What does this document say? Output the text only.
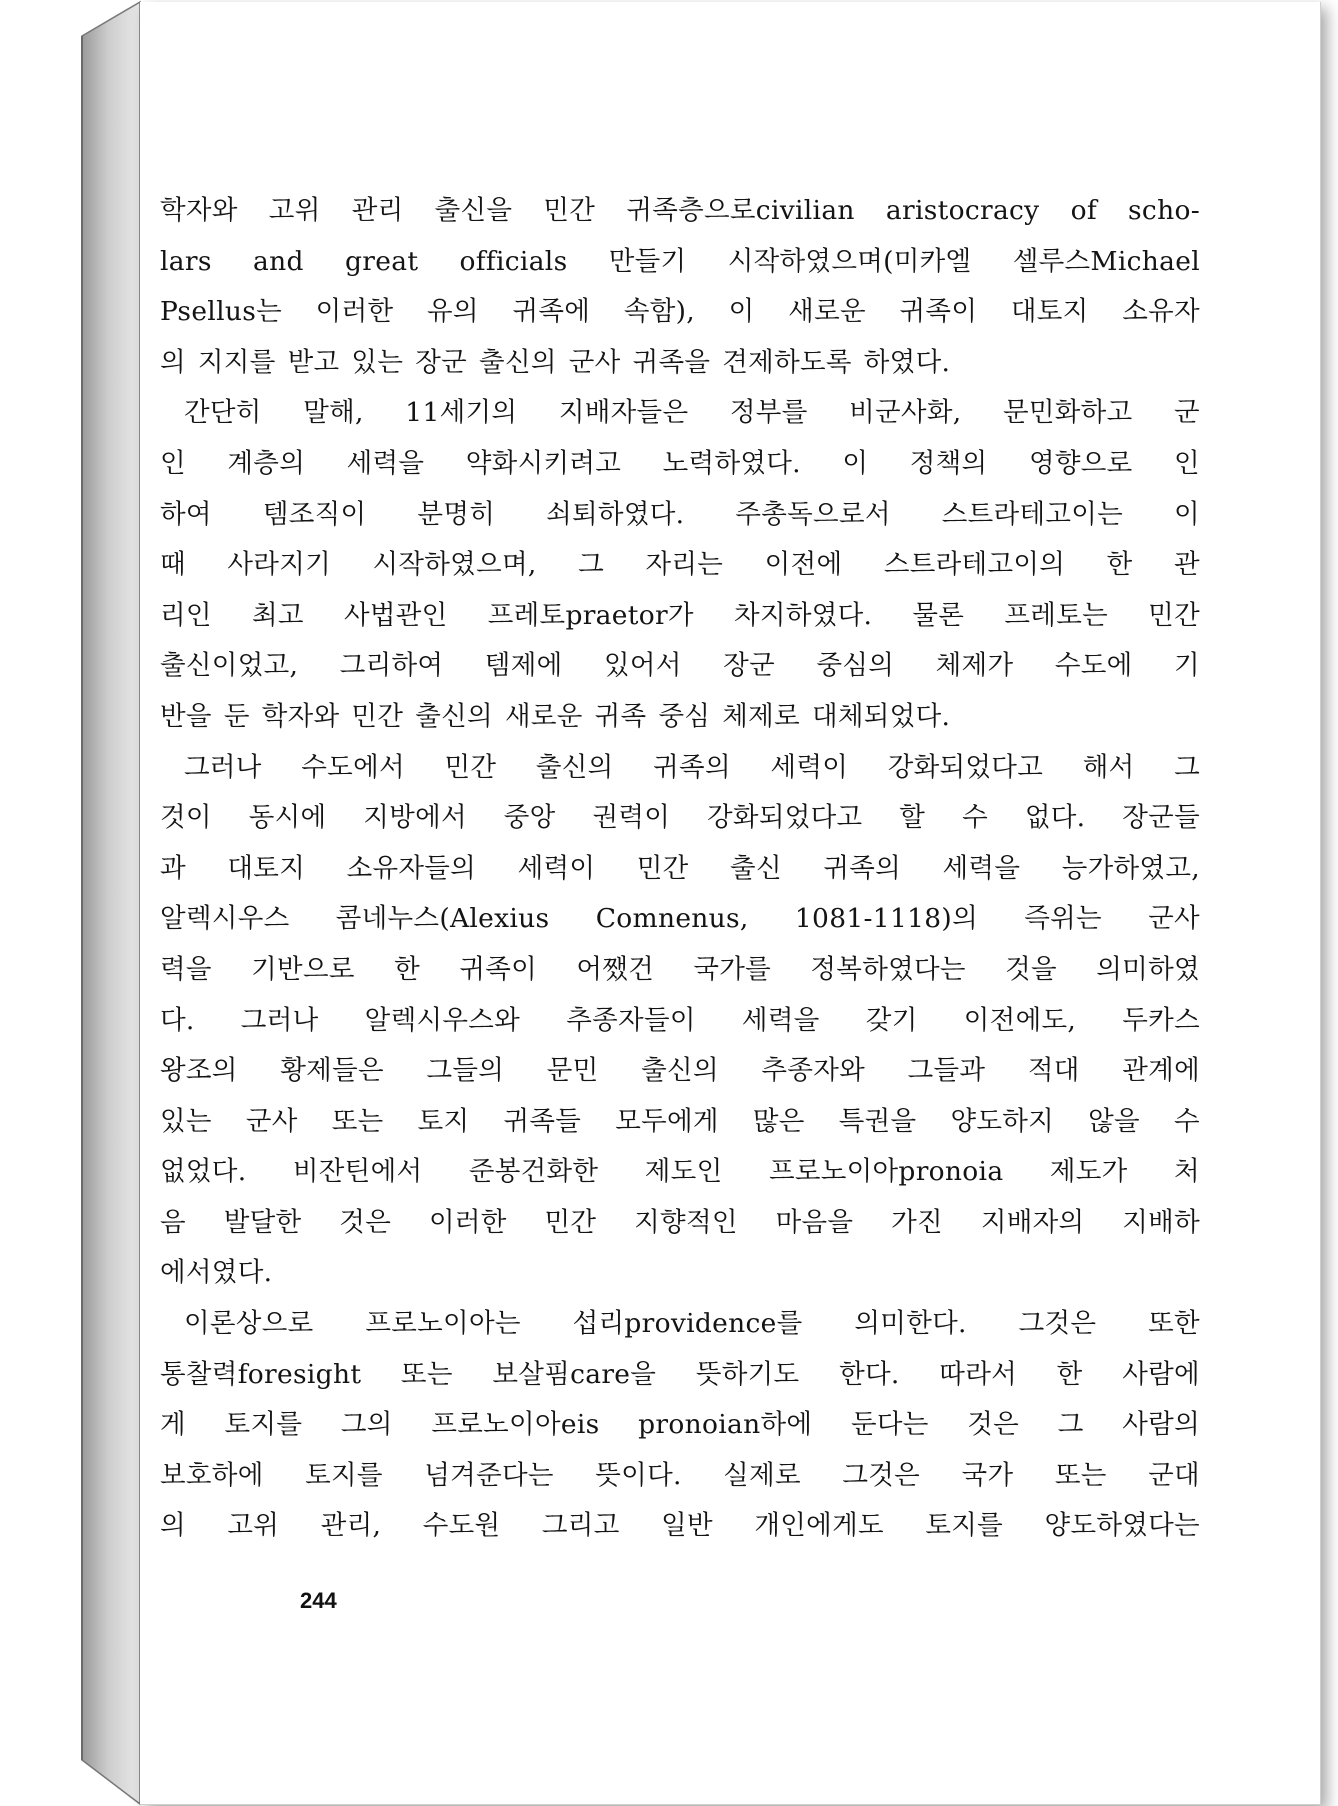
학자와 고위 관리 출신을 민간 귀족층으로civilian aristocracy of scho-
lars and great officials 만들기 시작하였으며(미카엘 셀루스Michael
Psellus는 이러한 유의 귀족에 속함), 이 새로운 귀족이 대토지 소유자
의 지지를 받고 있는 장군 출신의 군사 귀족을 견제하도록 하였다.
간단히 말해, 11세기의 지배자들은 정부를 비군사화, 문민화하고 군
인 계층의 세력을 약화시키려고 노력하였다. 이 정책의 영향으로 인
하여 템조직이 분명히 쇠퇴하였다. 주총독으로서 스트라테고이는 이
때 사라지기 시작하였으며, 그 자리는 이전에 스트라테고이의 한 관
리인 최고 사법관인 프레토praetor가 차지하였다. 물론 프레토는 민간
출신이었고, 그리하여 템제에 있어서 장군 중심의 체제가 수도에 기
반을 둔 학자와 민간 출신의 새로운 귀족 중심 체제로 대체되었다.
그러나 수도에서 민간 출신의 귀족의 세력이 강화되었다고 해서 그
것이 동시에 지방에서 중앙 권력이 강화되었다고 할 수 없다. 장군들
과 대토지 소유자들의 세력이 민간 출신 귀족의 세력을 능가하였고,
알렉시우스 콤네누스(Alexius Comnenus, 1081-1118)의 즉위는 군사
력을 기반으로 한 귀족이 어쨌건 국가를 정복하였다는 것을 의미하였
다. 그러나 알렉시우스와 추종자들이 세력을 갖기 이전에도, 두카스
왕조의 황제들은 그들의 문민 출신의 추종자와 그들과 적대 관계에
있는 군사 또는 토지 귀족들 모두에게 많은 특권을 양도하지 않을 수
없었다. 비잔틴에서 준봉건화한 제도인 프로노이아pronoia 제도가 처
음 발달한 것은 이러한 민간 지향적인 마음을 가진 지배자의 지배하
에서였다.
이론상으로 프로노이아는 섭리providence를 의미한다. 그것은 또한
통찰력foresight 또는 보살핌care을 뜻하기도 한다. 따라서 한 사람에
게 토지를 그의 프로노이아eis pronoian하에 둔다는 것은 그 사람의
보호하에 토지를 넘겨준다는 뜻이다. 실제로 그것은 국가 또는 군대
의 고위 관리, 수도원 그리고 일반 개인에게도 토지를 양도하였다는
244
